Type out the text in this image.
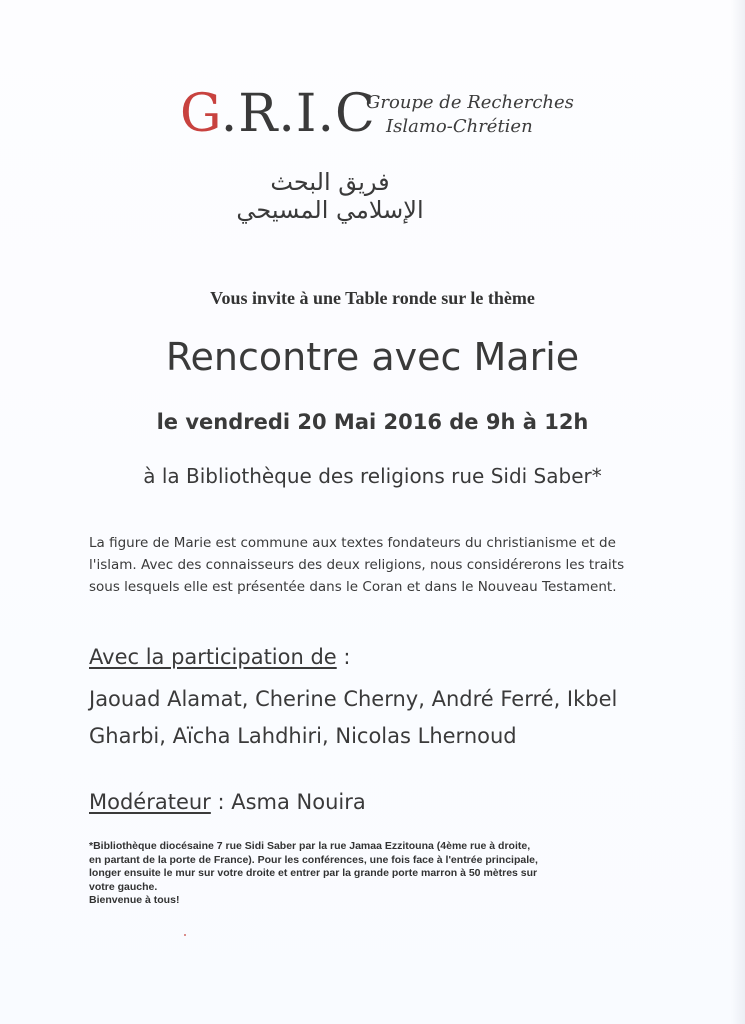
G.R.I.C
Groupe de Recherches
Islamo-Chrétien
فريق البحث
الإسلامي المسيحي
Vous invite à une Table ronde sur le thème
Rencontre avec Marie
le vendredi 20 Mai 2016 de 9h à 12h
à la Bibliothèque des religions rue Sidi Saber*
La figure de Marie est commune aux textes fondateurs du christianisme et de
l'islam. Avec des connaisseurs des deux religions, nous considérerons les traits
sous lesquels elle est présentée dans le Coran et dans le Nouveau Testament.
Avec la participation de :
Jaouad Alamat, Cherine Cherny, André Ferré, Ikbel
Gharbi, Aïcha Lahdhiri, Nicolas Lhernoud
Modérateur : Asma Nouira
*Bibliothèque diocésaine 7 rue Sidi Saber par la rue Jamaa Ezzitouna (4ème rue à droite,
en partant de la porte de France). Pour les conférences, une fois face à l'entrée principale,
longer ensuite le mur sur votre droite et entrer par la grande porte marron à 50 mètres sur
votre gauche.
Bienvenue à tous!
